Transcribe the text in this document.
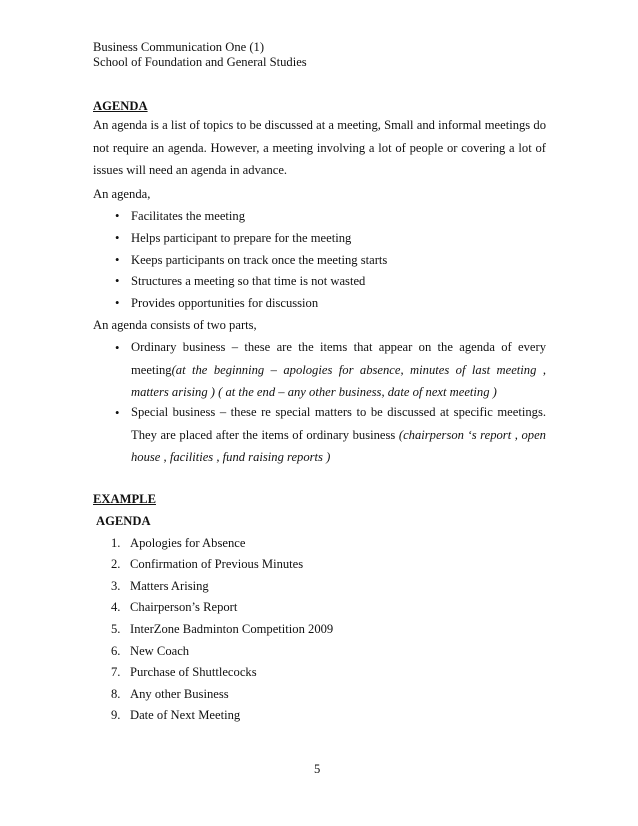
Business Communication One (1)
School of Foundation and General Studies
AGENDA
An agenda is a list of topics to be discussed at a meeting, Small and informal meetings do not require an agenda. However, a meeting involving a lot of people or covering a lot of issues will need an agenda in advance.
An agenda,
• Facilitates the meeting
• Helps participant to prepare for the meeting
• Keeps participants on track once the meeting starts
• Structures a meeting so that time is not wasted
• Provides opportunities for discussion
An agenda consists of two parts,
• Ordinary business – these are the items that appear on the agenda of every meeting(at the beginning – apologies for absence, minutes of last meeting , matters arising ) ( at the end – any other business, date of next meeting )
• Special business – these re special matters to be discussed at specific meetings. They are placed after the items of ordinary business (chairperson ‘s report , open house , facilities , fund raising reports )
EXAMPLE
AGENDA
1. Apologies for Absence
2. Confirmation of Previous Minutes
3. Matters Arising
4. Chairperson’s Report
5. InterZone Badminton Competition 2009
6. New Coach
7. Purchase of Shuttlecocks
8. Any other Business
9. Date of Next Meeting
5
